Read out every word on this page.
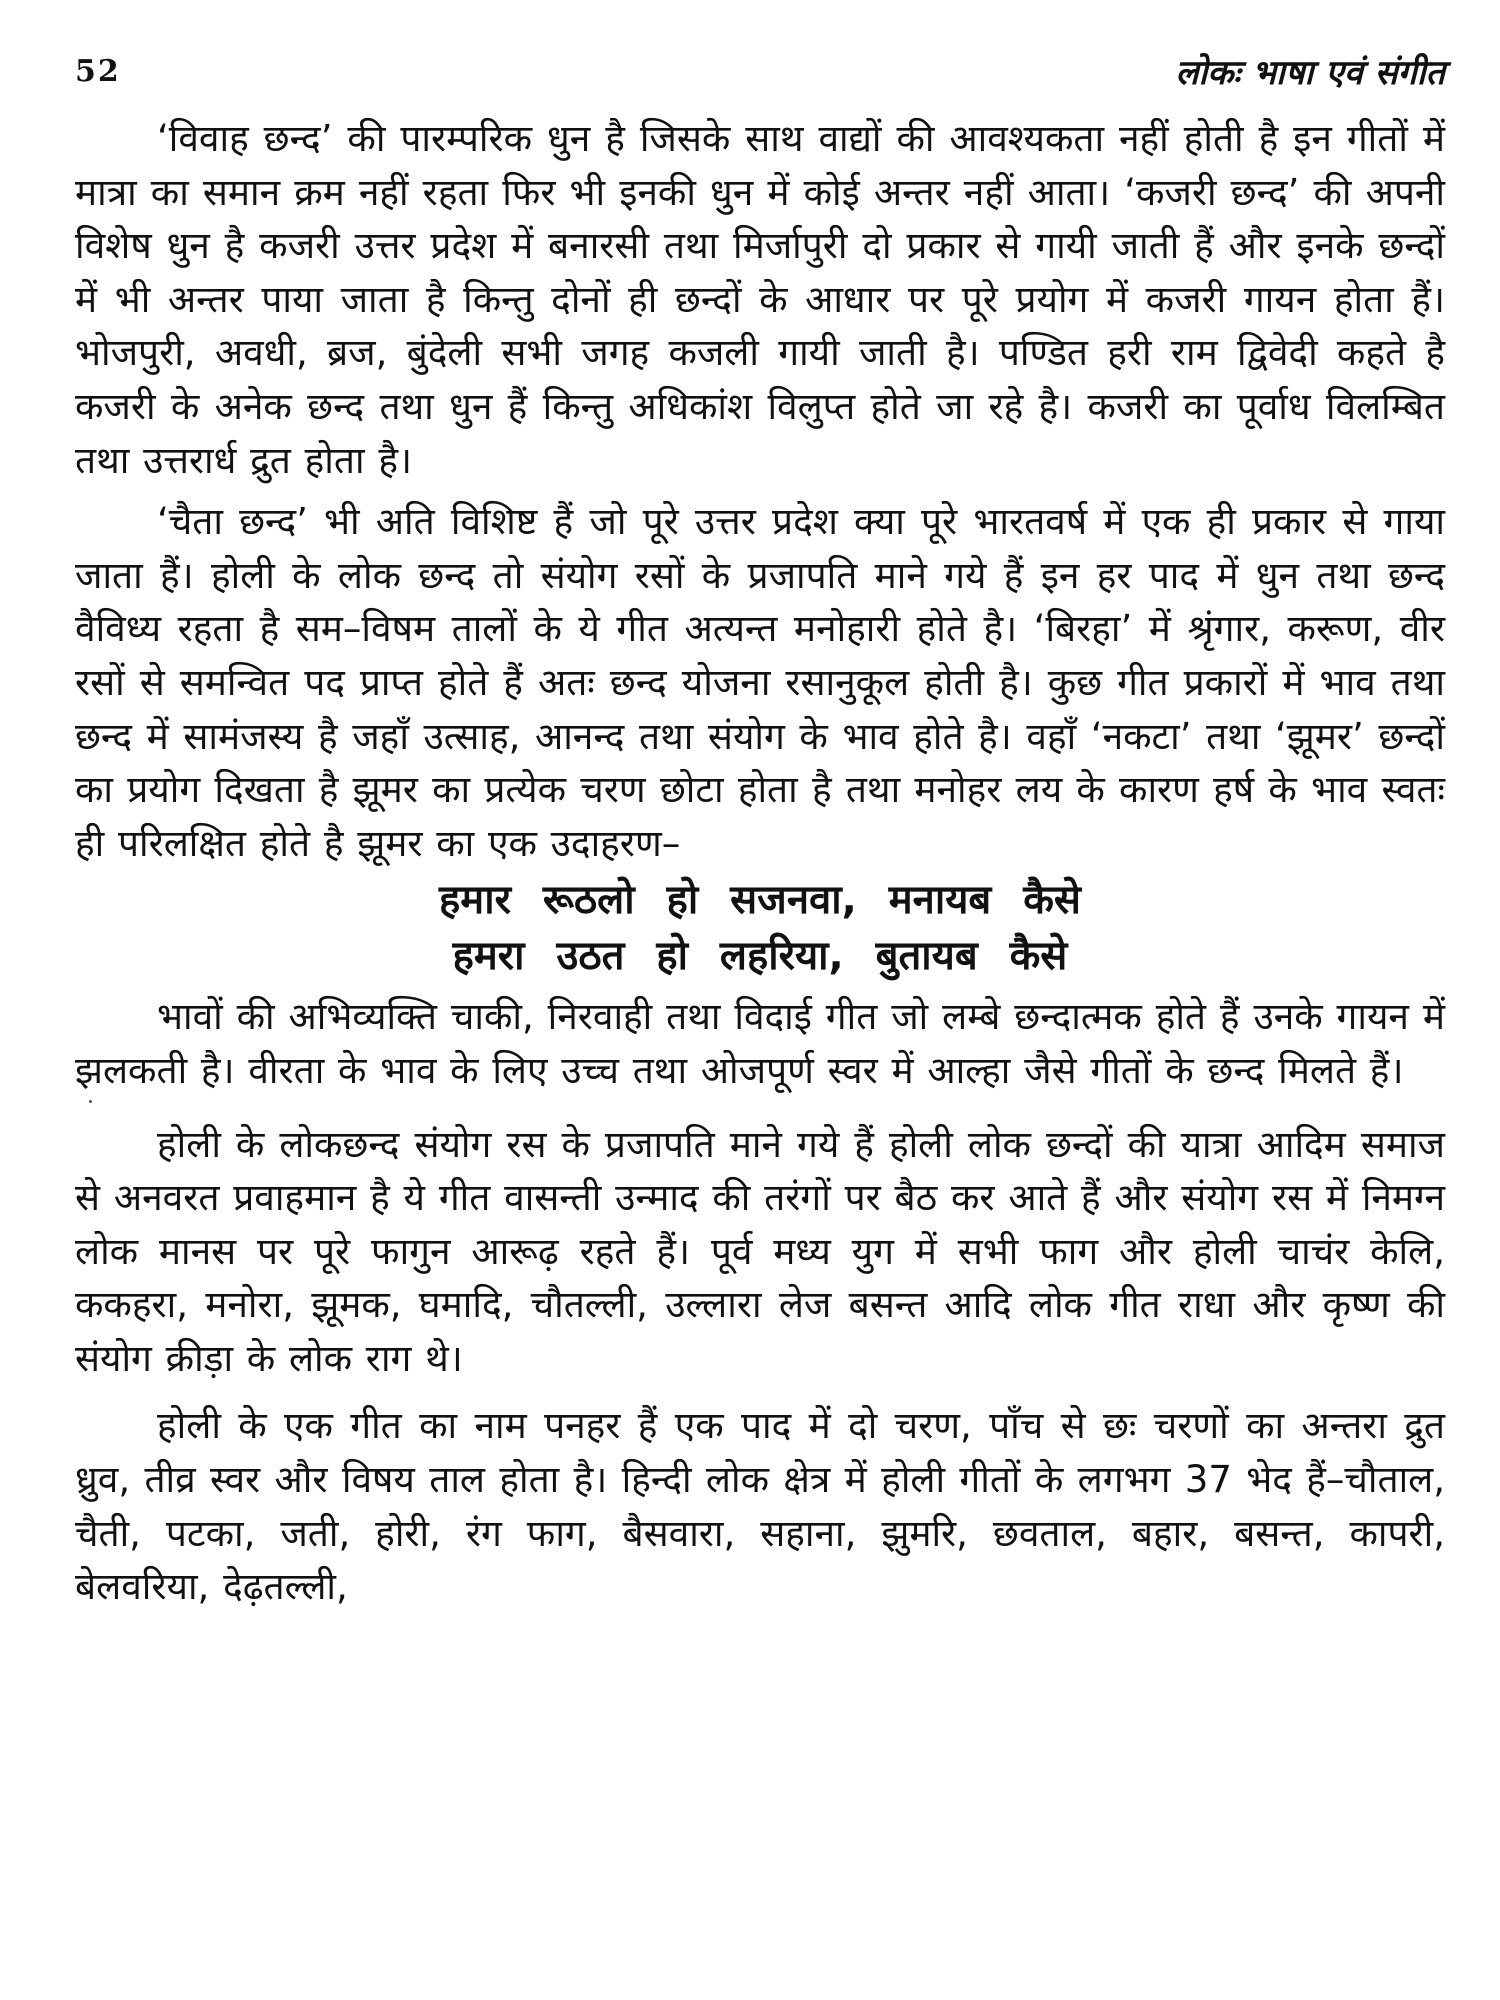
52	लोकः भाषा एवं संगीत

‘विवाह छन्द’ की पारम्परिक धुन है जिसके साथ वाद्यों की आवश्यकता नहीं होती है इन गीतों में मात्रा का समान क्रम नहीं रहता फिर भी इनकी धुन में कोई अन्तर नहीं आता। ‘कजरी छन्द’ की अपनी विशेष धुन है कजरी उत्तर प्रदेश में बनारसी तथा मिर्जापुरी दो प्रकार से गायी जाती हैं और इनके छन्दों में भी अन्तर पाया जाता है किन्तु दोनों ही छन्दों के आधार पर पूरे प्रयोग में कजरी गायन होता हैं। भोजपुरी, अवधी, ब्रज, बुंदेली सभी जगह कजली गायी जाती है। पण्डित हरी राम द्विवेदी कहते है कजरी के अनेक छन्द तथा धुन हैं किन्तु अधिकांश विलुप्त होते जा रहे है। कजरी का पूर्वाध विलम्बित तथा उत्तरार्ध द्रुत होता है।

‘चैता छन्द’ भी अति विशिष्ट हैं जो पूरे उत्तर प्रदेश क्या पूरे भारतवर्ष में एक ही प्रकार से गाया जाता हैं। होली के लोक छन्द तो संयोग रसों के प्रजापति माने गये हैं इन हर पाद में धुन तथा छन्द वैविध्य रहता है सम–विषम तालों के ये गीत अत्यन्त मनोहारी होते है। ‘बिरहा’ में श्रृंगार, करूण, वीर रसों से समन्वित पद प्राप्त होते हैं अतः छन्द योजना रसानुकूल होती है। कुछ गीत प्रकारों में भाव तथा छन्द में सामंजस्य है जहाँ उत्साह, आनन्द तथा संयोग के भाव होते है। वहाँ ‘नकटा’ तथा ‘झूमर’ छन्दों का प्रयोग दिखता है झूमर का प्रत्येक चरण छोटा होता है तथा मनोहर लय के कारण हर्ष के भाव स्वतः ही परिलक्षित होते है झूमर का एक उदाहरण–

हमार रूठलो हो सजनवा, मनायब कैसे
हमरा उठत हो लहरिया, बुतायब कैसे

भावों की अभिव्यक्ति चाकी, निरवाही तथा विदाई गीत जो लम्बे छन्दात्मक होते हैं उनके गायन में झलकती है। वीरता के भाव के लिए उच्च तथा ओजपूर्ण स्वर में आल्हा जैसे गीतों के छन्द मिलते हैं।

होली के लोकछन्द संयोग रस के प्रजापति माने गये हैं होली लोक छन्दों की यात्रा आदिम समाज से अनवरत प्रवाहमान है ये गीत वासन्ती उन्माद की तरंगों पर बैठ कर आते हैं और संयोग रस में निमग्न लोक मानस पर पूरे फागुन आरूढ़ रहते हैं। पूर्व मध्य युग में सभी फाग और होली चाचंर केलि, ककहरा, मनोरा, झूमक, घमादि, चौतल्ली, उल्लारा लेज बसन्त आदि लोक गीत राधा और कृष्ण की संयोग क्रीड़ा के लोक राग थे।

होली के एक गीत का नाम पनहर हैं एक पाद में दो चरण, पाँच से छः चरणों का अन्तरा द्रुत ध्रुव, तीव्र स्वर और विषय ताल होता है। हिन्दी लोक क्षेत्र में होली गीतों के लगभग 37 भेद हैं–चौताल, चैती, पटका, जती, होरी, रंग फाग, बैसवारा, सहाना, झुमरि, छवताल, बहार, बसन्त, कापरी, बेलवरिया, देढ़तल्ली,
